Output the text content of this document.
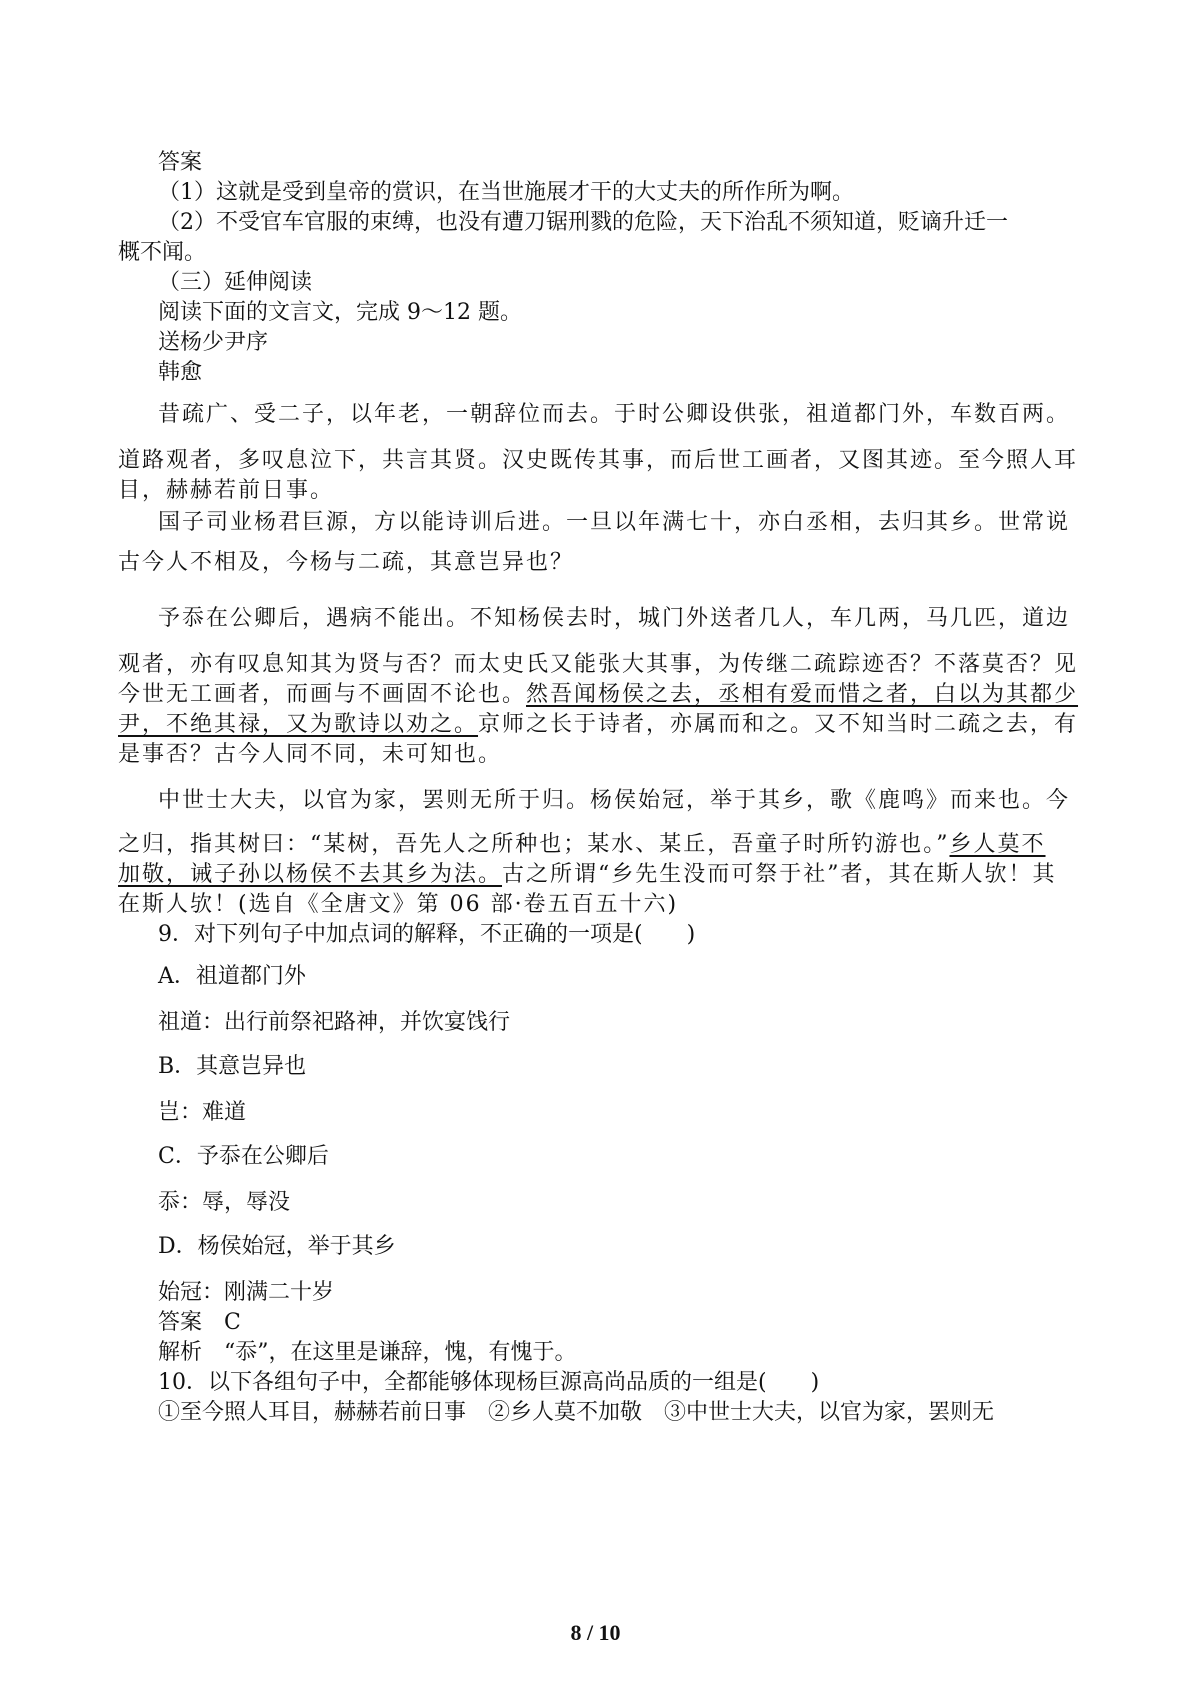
答案
（1）这就是受到皇帝的赏识，在当世施展才干的大丈夫的所作所为啊。
（2）不受官车官服的束缚，也没有遭刀锯刑戮的危险，天下治乱不须知道，贬谪升迁一
概不闻。
（三）延伸阅读
阅读下面的文言文，完成 9～12 题。
送杨少尹序
韩愈
昔疏广、受二子，以年老，一朝辞位而去。于时公卿设供张，祖道都门外，车数百两。
道路观者，多叹息泣下，共言其贤。汉史既传其事，而后世工画者，又图其迹。至今照人耳
目，赫赫若前日事。
国子司业杨君巨源，方以能诗训后进。一旦以年满七十，亦白丞相，去归其乡。世常说
古今人不相及，今杨与二疏，其意岂异也？
予忝在公卿后，遇病不能出。不知杨侯去时，城门外送者几人，车几两，马几匹，道边
观者，亦有叹息知其为贤与否？而太史氏又能张大其事，为传继二疏踪迹否？不落莫否？见
今世无工画者，而画与不画固不论也。然吾闻杨侯之去，丞相有爱而惜之者，白以为其都少
尹，不绝其禄，又为歌诗以劝之。京师之长于诗者，亦属而和之。又不知当时二疏之去，有
是事否？古今人同不同，未可知也。
中世士大夫，以官为家，罢则无所于归。杨侯始冠，举于其乡，歌《鹿鸣》而来也。今
之归，指其树曰：“某树，吾先人之所种也；某水、某丘，吾童子时所钓游也。”乡人莫不
加敬，诫子孙以杨侯不去其乡为法。古之所谓“乡先生没而可祭于社”者，其在斯人欤！其
在斯人欤！(选自《全唐文》第 06 部·卷五百五十六)
9．对下列句子中加点词的解释，不正确的一项是(　　)
A．祖道都门外
祖道：出行前祭祀路神，并饮宴饯行
B．其意岂异也
岂：难道
C．予忝在公卿后
忝：辱，辱没
D．杨侯始冠，举于其乡
始冠：刚满二十岁
答案　C
解析　“忝”，在这里是谦辞，愧，有愧于。
10．以下各组句子中，全都能够体现杨巨源高尚品质的一组是(　　)
①至今照人耳目，赫赫若前日事　②乡人莫不加敬　③中世士大夫，以官为家，罢则无
8 / 10
